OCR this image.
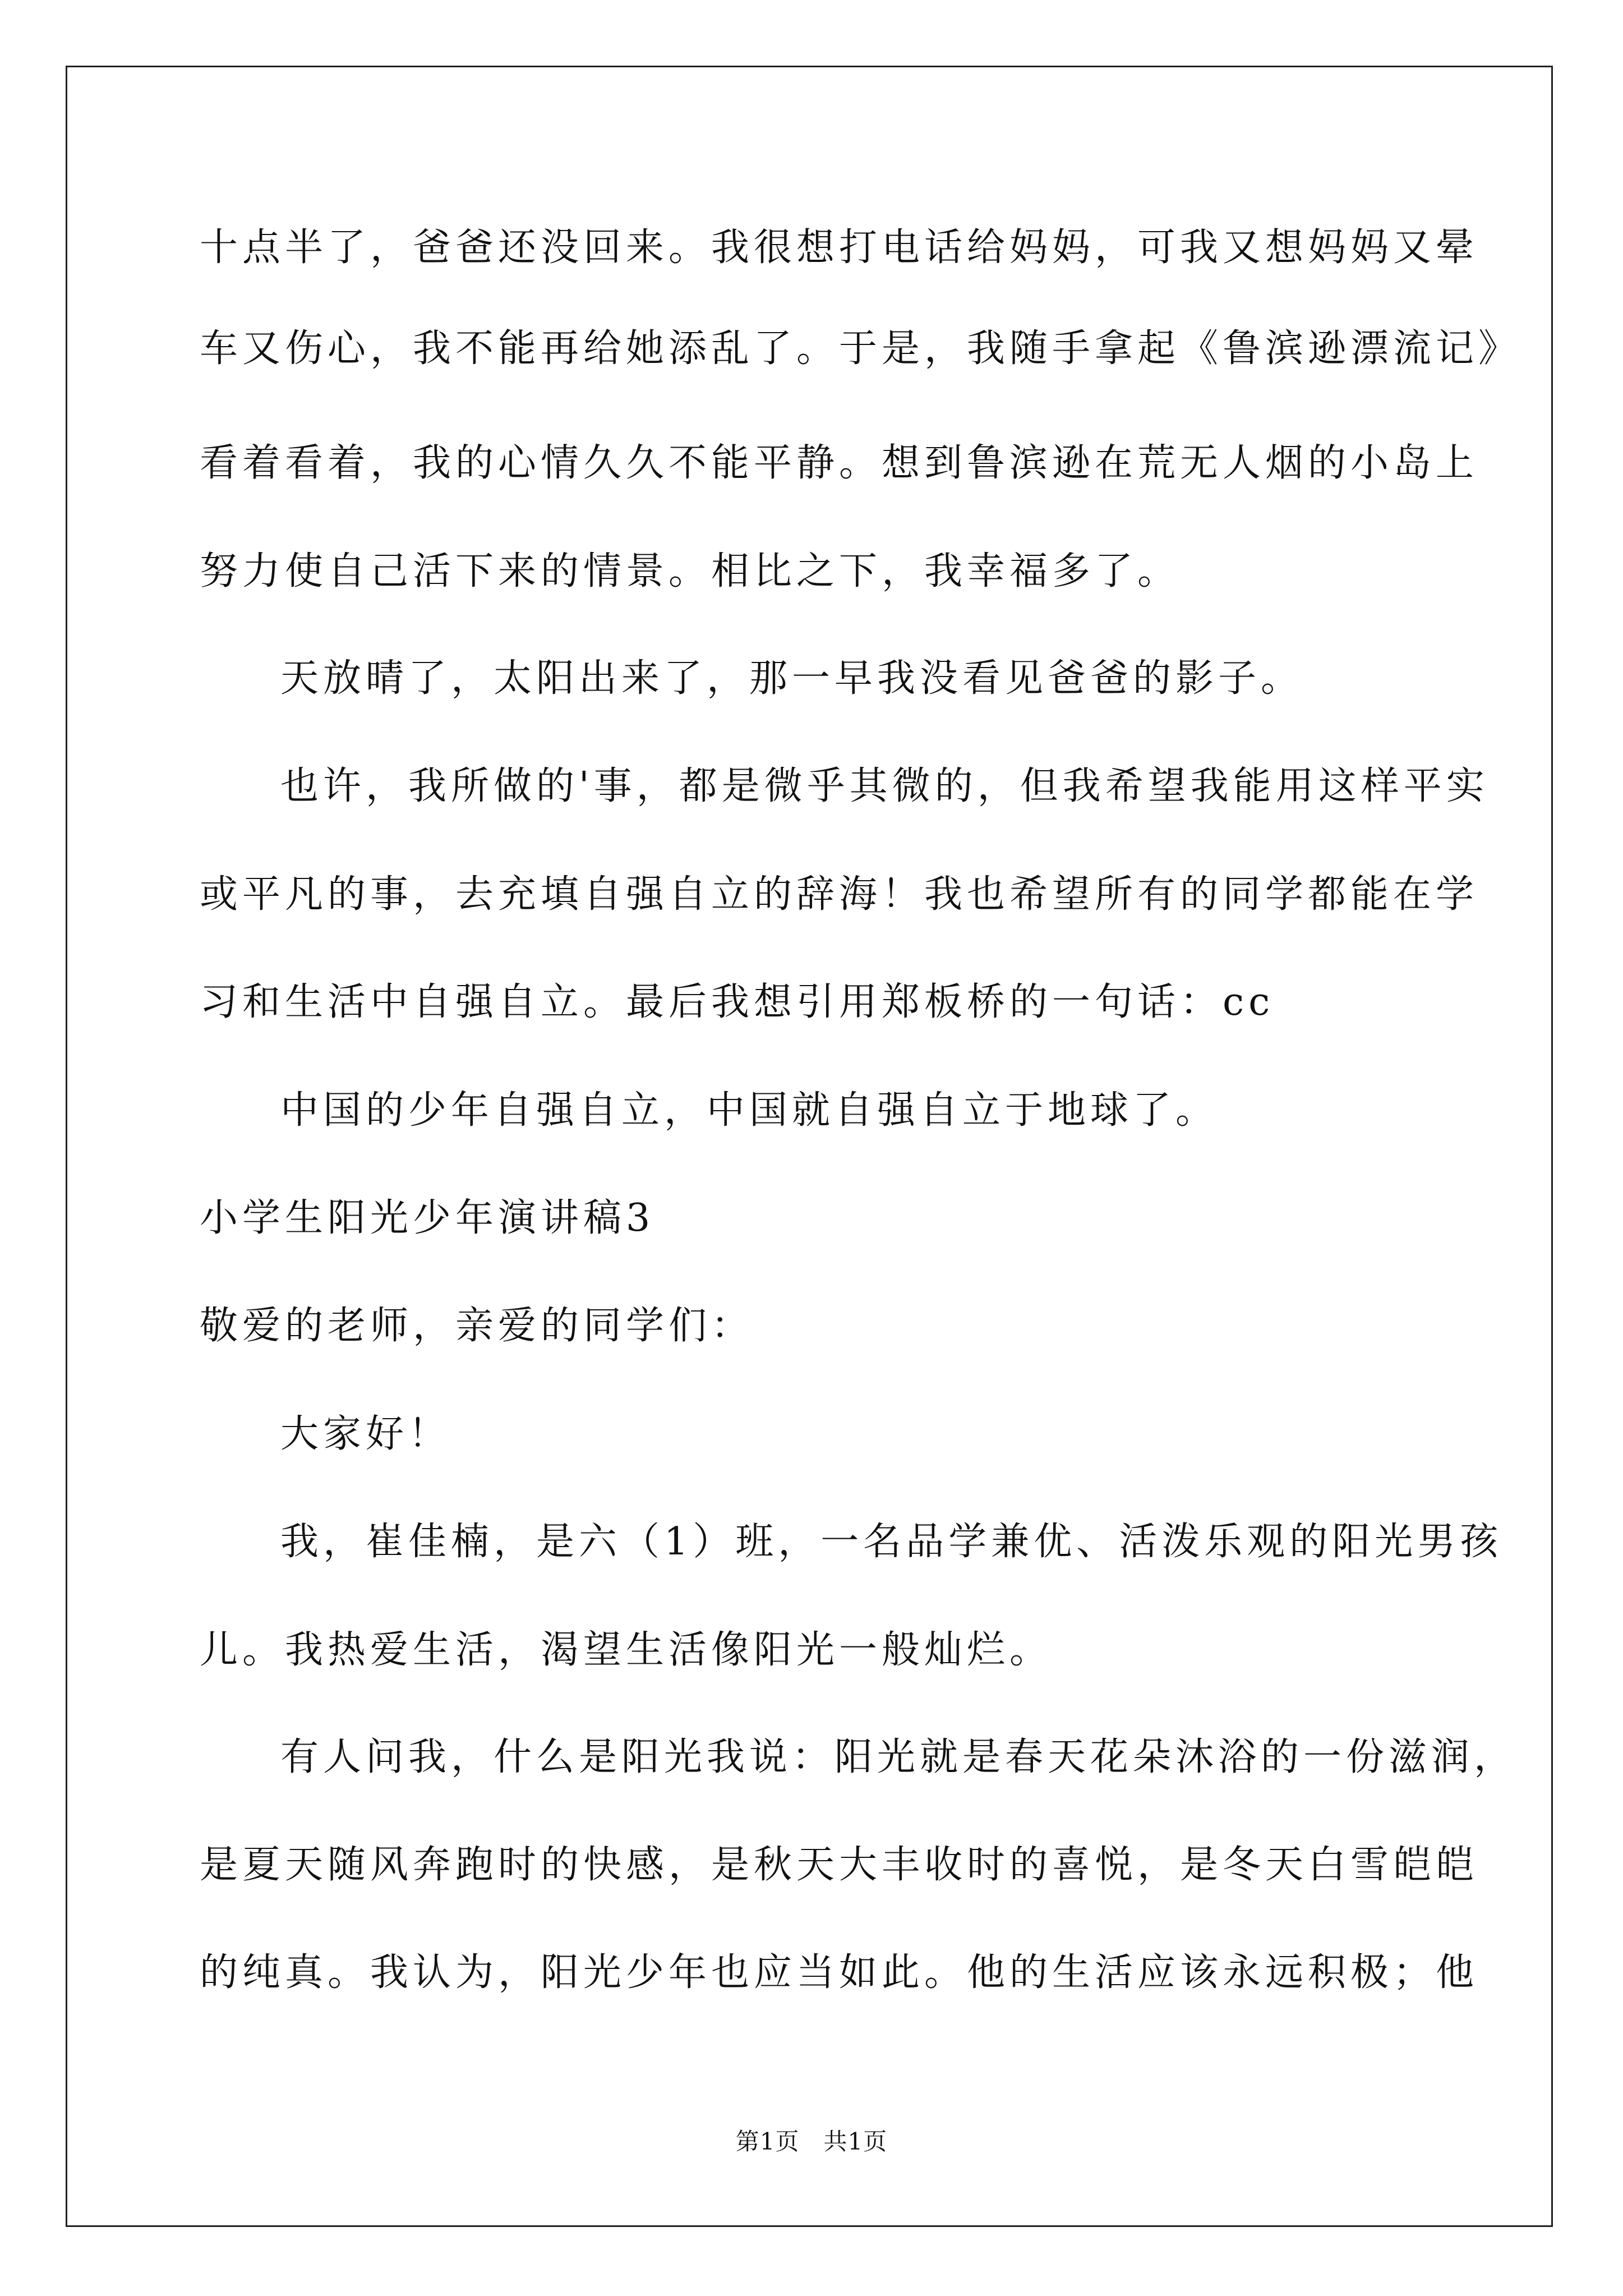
十点半了，爸爸还没回来。我很想打电话给妈妈，可我又想妈妈又晕
车又伤心，我不能再给她添乱了。于是，我随手拿起《鲁滨逊漂流记》
看着看着，我的心情久久不能平静。想到鲁滨逊在荒无人烟的小岛上
努力使自己活下来的情景。相比之下，我幸福多了。
天放晴了，太阳出来了，那一早我没看见爸爸的影子。
也许，我所做的'事，都是微乎其微的，但我希望我能用这样平实
或平凡的事，去充填自强自立的辞海！我也希望所有的同学都能在学
习和生活中自强自立。最后我想引用郑板桥的一句话：cc
中国的少年自强自立，中国就自强自立于地球了。
小学生阳光少年演讲稿3
敬爱的老师，亲爱的同学们：
大家好！
我，崔佳楠，是六（1）班，一名品学兼优、活泼乐观的阳光男孩
儿。我热爱生活，渴望生活像阳光一般灿烂。
有人问我，什么是阳光我说：阳光就是春天花朵沐浴的一份滋润，
是夏天随风奔跑时的快感，是秋天大丰收时的喜悦，是冬天白雪皑皑
的纯真。我认为，阳光少年也应当如此。他的生活应该永远积极；他
第1页 共1页
